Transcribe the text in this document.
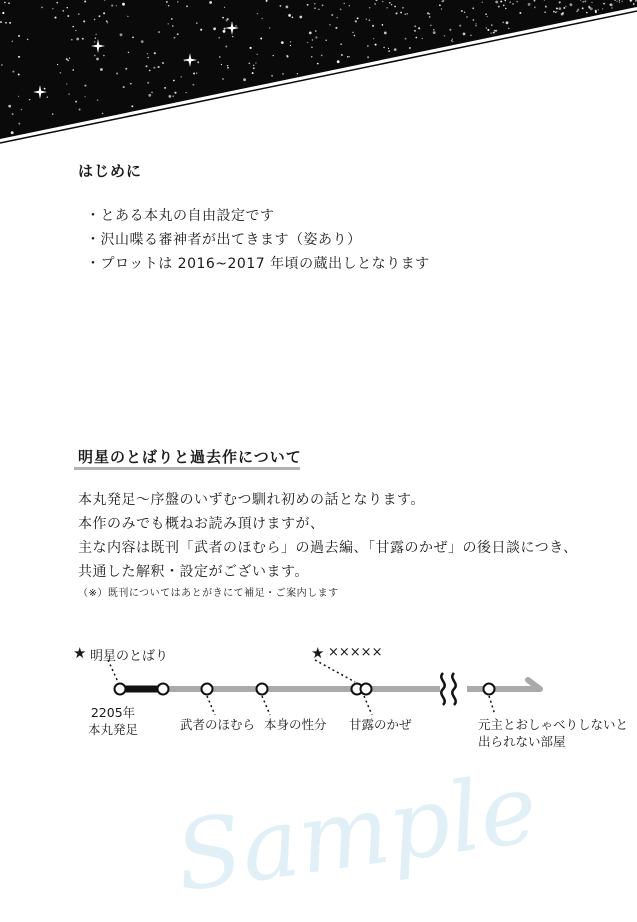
はじめに
・とある本丸の自由設定です
・沢山喋る審神者が出てきます（姿あり）
・プロットは 2016~2017 年頃の蔵出しとなります
明星のとばりと過去作について
本丸発足〜序盤のいずむつ馴れ初めの話となります。
本作のみでも概ねお読み頂けますが、
主な内容は既刊「武者のほむら」の過去編、「甘露のかぜ」の後日談につき、
共通した解釈・設定がございます。
（※）既刊についてはあとがきにて補足・ご案内します
★ 明星のとばり	★ ×××××
2205年
本丸発足	武者のほむら 本身の性分 甘露のかぜ	元主とおしゃべりしないと
出られない部屋
Sample
